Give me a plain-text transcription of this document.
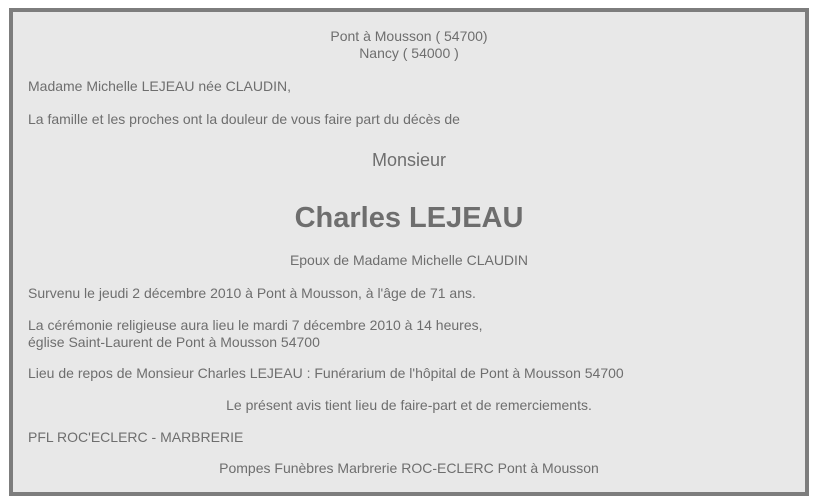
Pont à Mousson ( 54700)
Nancy ( 54000 )
Madame Michelle LEJEAU née CLAUDIN,
La famille et les proches ont la douleur de vous faire part du décès de
Monsieur
Charles LEJEAU
Epoux de Madame Michelle CLAUDIN
Survenu le jeudi 2 décembre 2010 à Pont à Mousson, à l'âge de 71 ans.
La cérémonie religieuse aura lieu le mardi 7 décembre 2010 à 14 heures,
église Saint-Laurent de Pont à Mousson 54700
Lieu de repos de Monsieur Charles LEJEAU : Funérarium de l'hôpital de Pont à Mousson 54700
Le présent avis tient lieu de faire-part et de remerciements.
PFL ROC'ECLERC - MARBRERIE
Pompes Funèbres Marbrerie ROC-ECLERC Pont à Mousson
